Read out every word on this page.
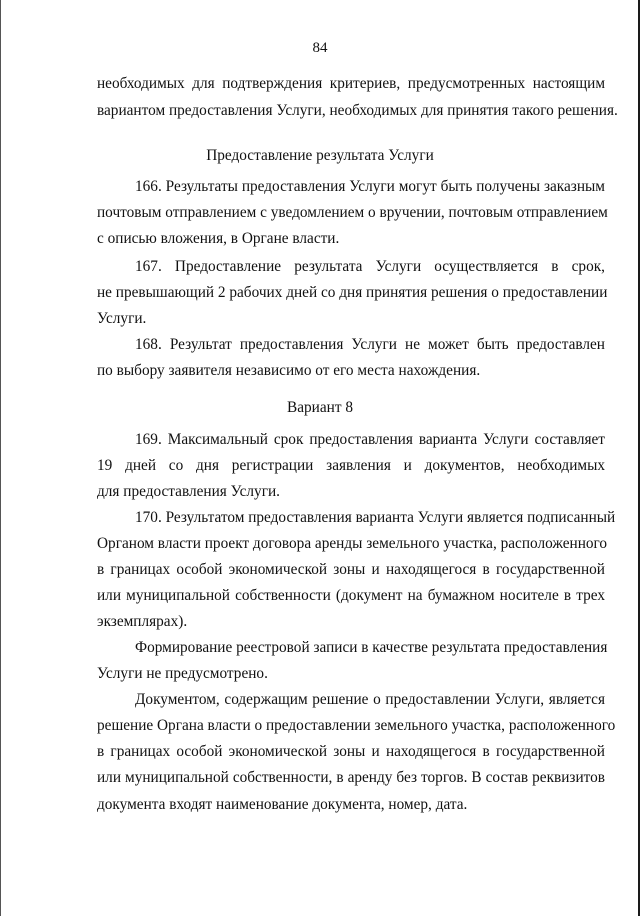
84
необходимых для подтверждения критериев, предусмотренных настоящим
вариантом предоставления Услуги, необходимых для принятия такого решения.
Предоставление результата Услуги
166. Результаты предоставления Услуги могут быть получены заказным
почтовым отправлением с уведомлением о вручении, почтовым отправлением
с описью вложения, в Органе власти.
167. Предоставление результата Услуги осуществляется в срок,
не превышающий 2 рабочих дней со дня принятия решения о предоставлении
Услуги.
168. Результат предоставления Услуги не может быть предоставлен
по выбору заявителя независимо от его места нахождения.
Вариант 8
169. Максимальный срок предоставления варианта Услуги составляет
19 дней со дня регистрации заявления и документов, необходимых
для предоставления Услуги.
170. Результатом предоставления варианта Услуги является подписанный
Органом власти проект договора аренды земельного участка, расположенного
в границах особой экономической зоны и находящегося в государственной
или муниципальной собственности (документ на бумажном носителе в трех
экземплярах).
Формирование реестровой записи в качестве результата предоставления
Услуги не предусмотрено.
Документом, содержащим решение о предоставлении Услуги, является
решение Органа власти о предоставлении земельного участка, расположенного
в границах особой экономической зоны и находящегося в государственной
или муниципальной собственности, в аренду без торгов. В состав реквизитов
документа входят наименование документа, номер, дата.
